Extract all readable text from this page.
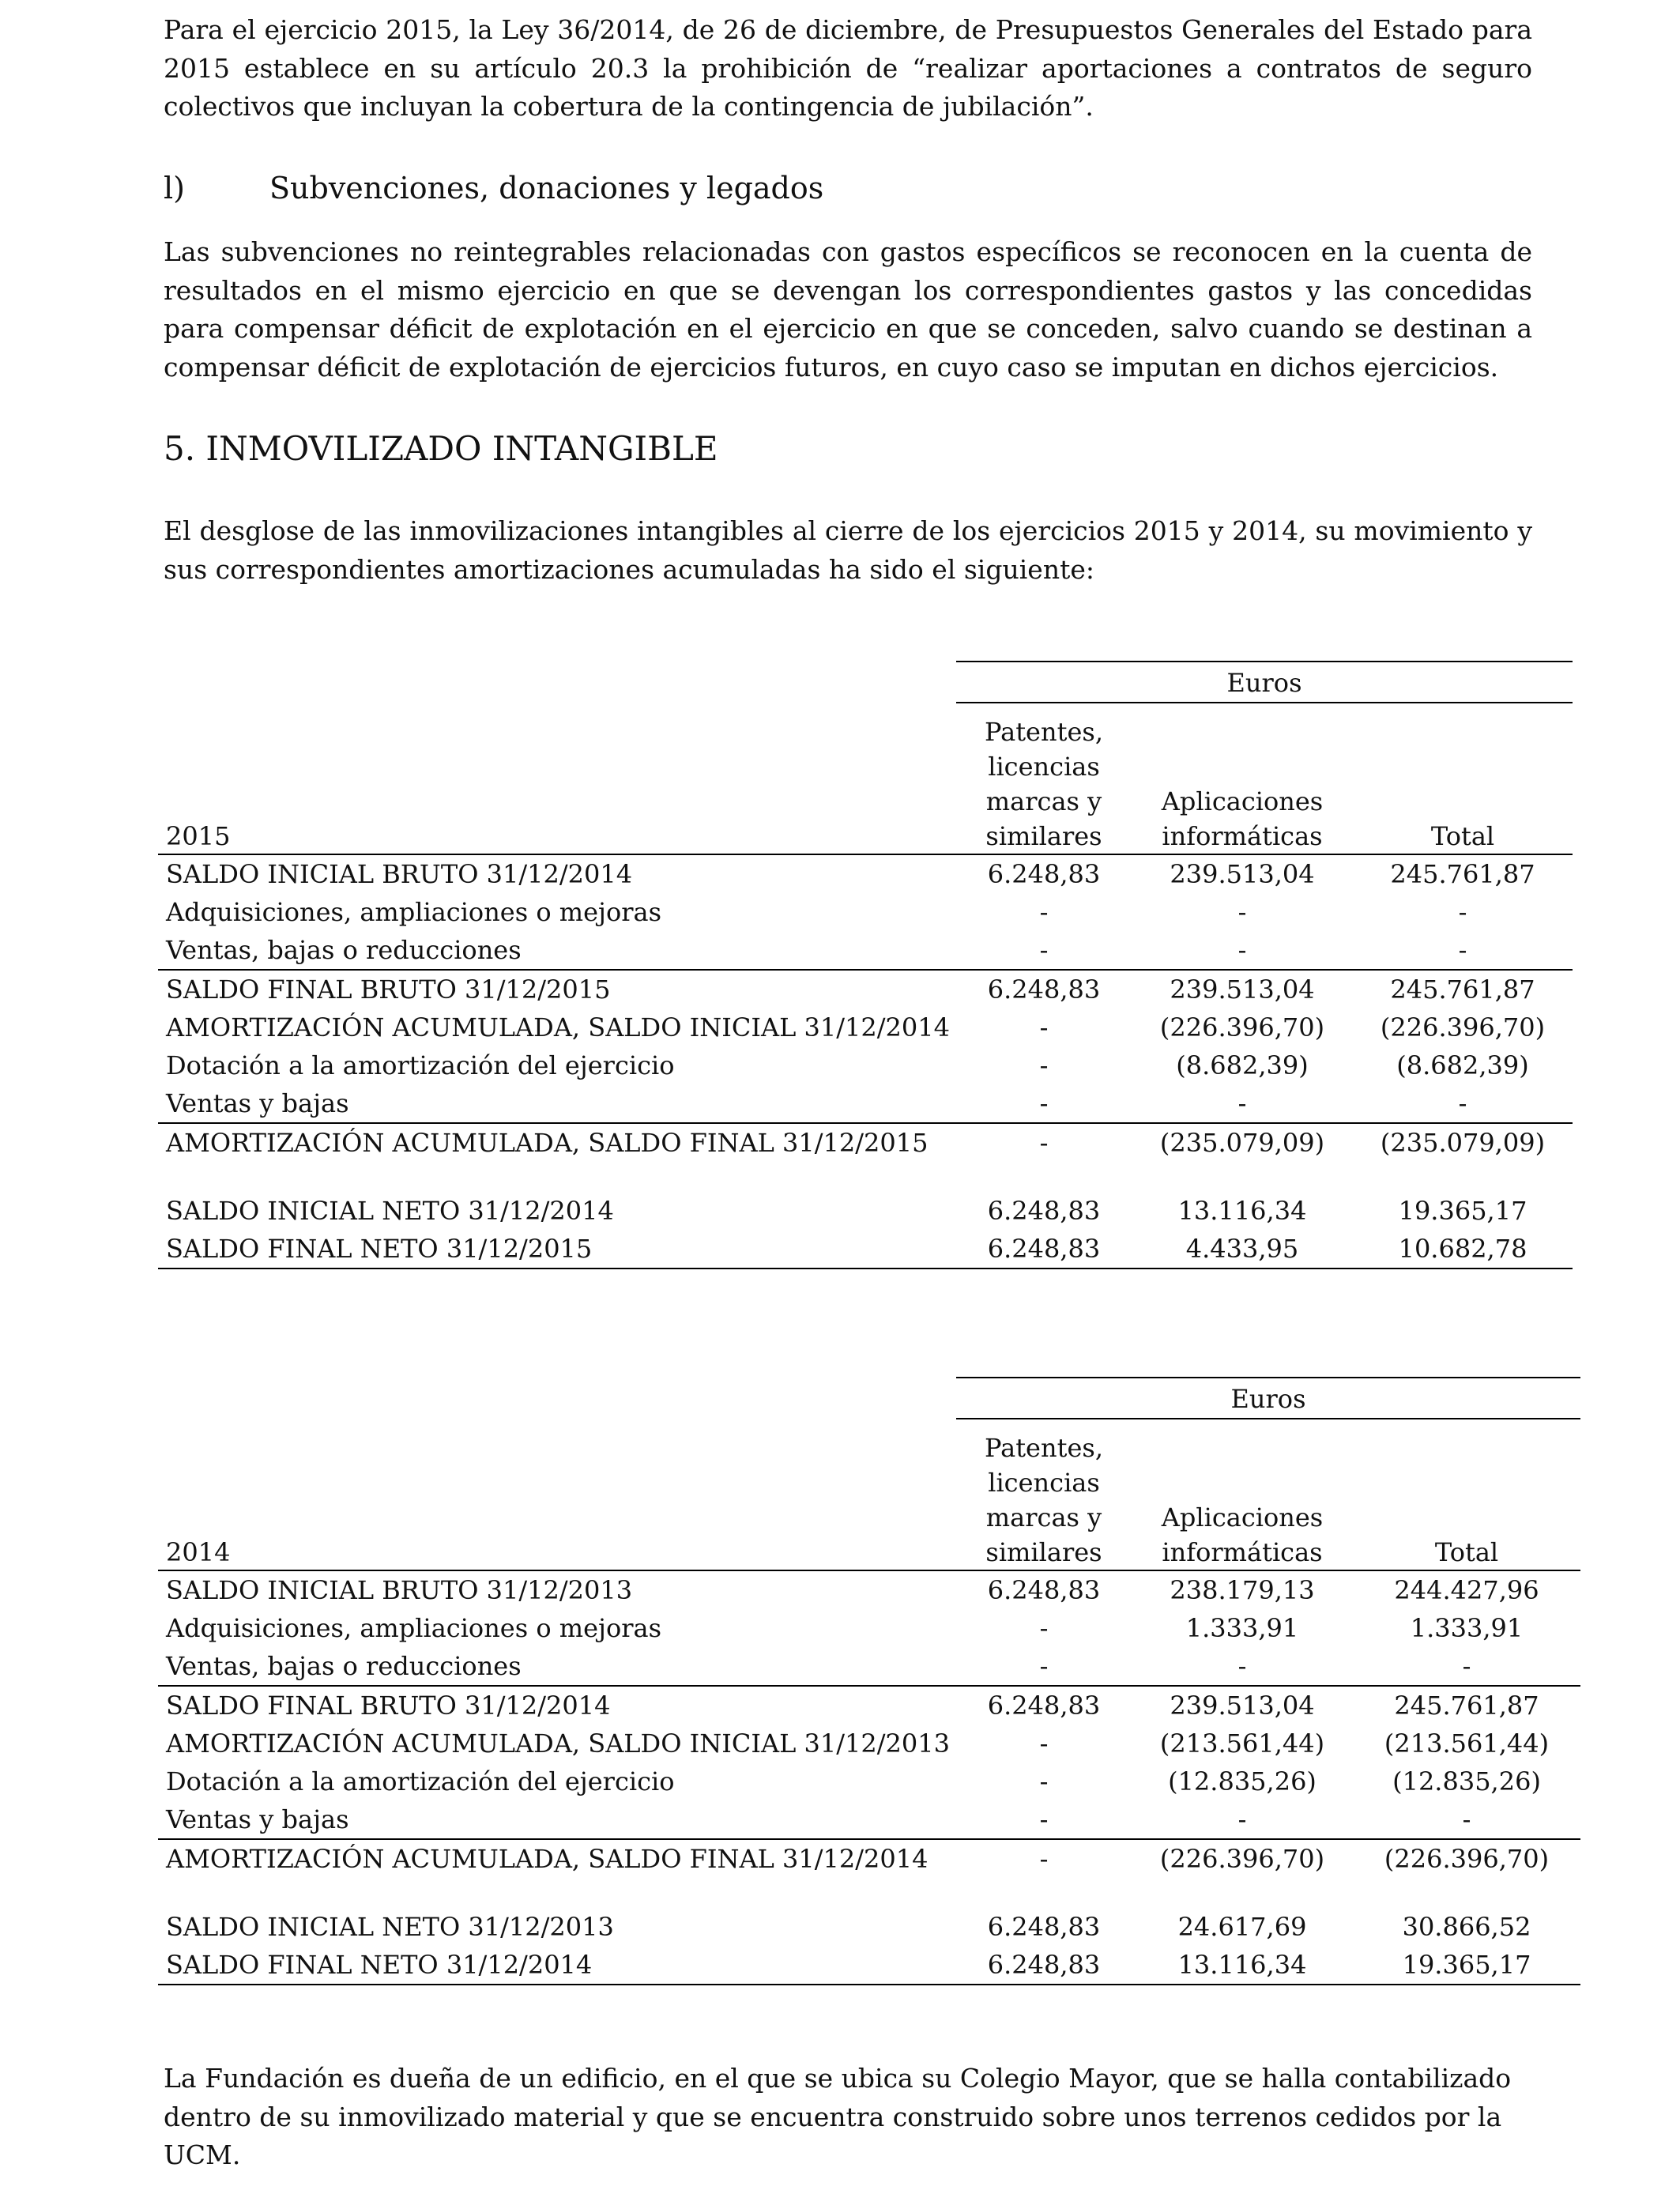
Para el ejercicio 2015, la Ley 36/2014, de 26 de diciembre, de Presupuestos Generales del Estado para 2015 establece en su artículo 20.3 la prohibición de “realizar aportaciones a contratos de seguro colectivos que incluyan la cobertura de la contingencia de jubilación”.

l)	Subvenciones, donaciones y legados

Las subvenciones no reintegrables relacionadas con gastos específicos se reconocen en la cuenta de resultados en el mismo ejercicio en que se devengan los correspondientes gastos y las concedidas para compensar déficit de explotación en el ejercicio en que se conceden, salvo cuando se destinan a compensar déficit de explotación de ejercicios futuros, en cuyo caso se imputan en dichos ejercicios.

5. INMOVILIZADO INTANGIBLE

El desglose de las inmovilizaciones intangibles al cierre de los ejercicios 2015 y 2014, su movimiento y sus correspondientes amortizaciones acumuladas ha sido el siguiente:

	Euros		
2015	Patentes, licencias marcas y similares	Aplicaciones informáticas	Total
SALDO INICIAL BRUTO 31/12/2014	6.248,83	239.513,04	245.761,87
Adquisiciones, ampliaciones o mejoras	-	-	-
Ventas, bajas o reducciones	-	-	-
SALDO FINAL BRUTO 31/12/2015	6.248,83	239.513,04	245.761,87
AMORTIZACIÓN ACUMULADA, SALDO INICIAL 31/12/2014	-	(226.396,70)	(226.396,70)
Dotación a la amortización del ejercicio	-	(8.682,39)	(8.682,39)
Ventas y bajas	-	-	-
AMORTIZACIÓN ACUMULADA, SALDO FINAL 31/12/2015	-	(235.079,09)	(235.079,09)

SALDO INICIAL NETO 31/12/2014	6.248,83	13.116,34	19.365,17
SALDO FINAL NETO 31/12/2015	6.248,83	4.433,95	10.682,78
	Euros		
2014	Patentes, licencias marcas y similares	Aplicaciones informáticas	Total
SALDO INICIAL BRUTO 31/12/2013	6.248,83	238.179,13	244.427,96
Adquisiciones, ampliaciones o mejoras	-	1.333,91	1.333,91
Ventas, bajas o reducciones	-	-	-
SALDO FINAL BRUTO 31/12/2014	6.248,83	239.513,04	245.761,87
AMORTIZACIÓN ACUMULADA, SALDO INICIAL 31/12/2013	-	(213.561,44)	(213.561,44)
Dotación a la amortización del ejercicio	-	(12.835,26)	(12.835,26)
Ventas y bajas	-	-	-
AMORTIZACIÓN ACUMULADA, SALDO FINAL 31/12/2014	-	(226.396,70)	(226.396,70)

SALDO INICIAL NETO 31/12/2013	6.248,83	24.617,69	30.866,52
SALDO FINAL NETO 31/12/2014	6.248,83	13.116,34	19.365,17

La Fundación es dueña de un edificio, en el que se ubica su Colegio Mayor, que se halla contabilizado dentro de su inmovilizado material y que se encuentra construido sobre unos terrenos cedidos por la UCM.
